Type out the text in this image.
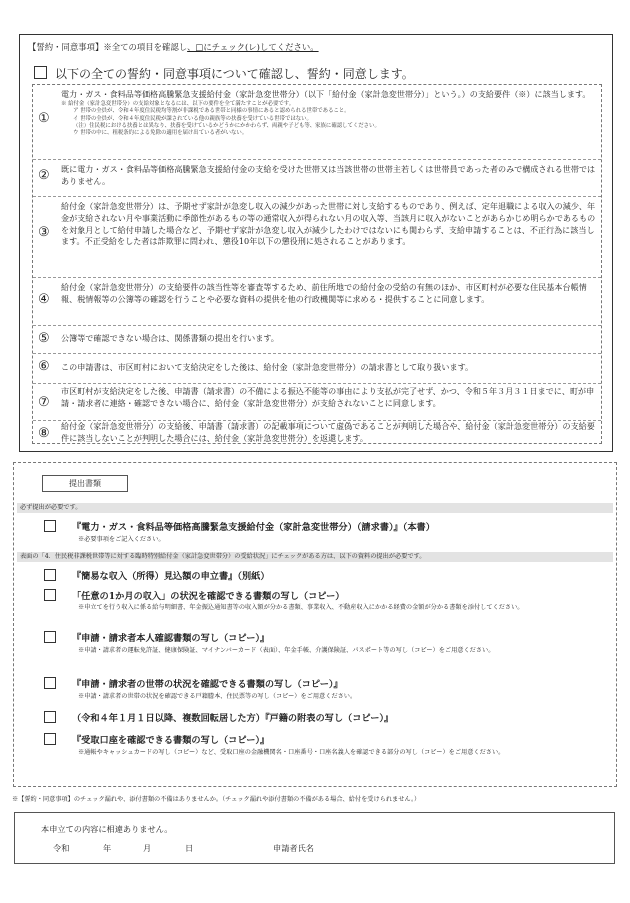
【誓約・同意事項】※全ての項目を確認し、□にチェック(レ)してください。
以下の全ての誓約・同意事項について確認し、誓約・同意します。
①

電力・ガス・食料品等価格高騰緊急支援給付金（家計急変世帯分）（以下「給付金（家計急変世帯分）」という。）の支給要件（※）に該当します。

※ 給付金（家計急変世帯分）の支給対象となるには、以下の要件を全て満たすことが必要です。
ア 世帯の全員が、令和４年度住民税均等割が非課税である世帯と同様の事情にあると認められる世帯であること。
イ 世帯の全員が、令和４年度住民税が課されている他の親族等の扶養を受けている世帯ではない。
（注）住民税における扶養とは異なり、扶養を受けているかどうかにかかわらず、両親や子ども等、家族に確認してください。
ウ 世帯の中に、租税条約による免除の適用を届け出ている者がいない。
② 既に電力・ガス・食料品等価格高騰緊急支援給付金の支給を受けた世帯又は当該世帯の世帯主若しくは世帯員であった者のみで構成される世帯ではありません。

③

給付金（家計急変世帯分）は、予期せず家計が急変し収入の減少があった世帯に対し支給するものであり、例えば、定年退職による収入の減少、年金が支給されない月や事業活動に季節性があるもの等の通常収入が得られない月の収入等、当該月に収入がないことがあらかじめ明らかであるものを対象月として給付申請した場合など、予期せず家計が急変し収入が減少したわけではないにも関わらず、支給申請することは、不正行為に該当します。不正受給をした者は詐欺罪に問われ、懲役10年以下の懲役刑に処されることがあります。

④

給付金（家計急変世帯分）の支給要件の該当性等を審査等するため、前住所地での給付金の受給の有無のほか、市区町村が必要な住民基本台帳情報、税情報等の公簿等の確認を行うことや必要な資料の提供を他の行政機関等に求める・提供することに同意します。

⑤ 公簿等で確認できない場合は、関係書類の提出を行います。

⑥ この申請書は、市区町村において支給決定をした後は、給付金（家計急変世帯分）の請求書として取り扱います。

⑦

市区町村が支給決定をした後、申請書（請求書）の不備による振込不能等の事由により支払が完了せず、かつ、令和５年３月３１日までに、町が申請・請求者に連絡・確認できない場合に、給付金（家計急変世帯分）が支給されないことに同意します。

⑧ 給付金（家計急変世帯分）の支給後、申請書（請求書）の記載事項について虚偽であることが判明した場合や、給付金（家計急変世帯分）の支給要件に該当しないことが判明した場合には、給付金（家計急変世帯分）を返還します。

提出書類
必ず提出が必要です。
『電力・ガス・食料品等価格高騰緊急支援給付金（家計急変世帯分）（請求書）』（本書）
※必要事項をご記入ください。
表面の「4．住民税非課税世帯等に対する臨時特別給付金（家計急変世帯分）の受給状況」にチェックがある方は、以下の資料の提出が必要です。
『簡易な収入（所得）見込額の申立書』（別紙）
「任意の1か月の収入」の状況を確認できる書類の写し（コピー）
※申立てを行う収入に係る給与明細書、年金振込通知書等の収入額が分かる書類、事業収入、不動産収入にかかる経費の金額が分かる書類を添付してください。
『申請・請求者本人確認書類の写し（コピー）』
※申請・請求者の運転免許証、健康保険証、マイナンバーカード（表面）、年金手帳、介護保険証、パスポート等の写し（コピー）をご用意ください。
『申請・請求者の世帯の状況を確認できる書類の写し（コピー）』
※申請・請求者の世帯の状況を確認できる戸籍謄本、住民票等の写し（コピー）をご用意ください。
（令和４年１月１日以降、複数回転居した方）『戸籍の附表の写し（コピー）』
『受取口座を確認できる書類の写し（コピー）』
※通帳やキャッシュカードの写し（コピー）など、受取口座の金融機関名・口座番号・口座名義人を確認できる部分の写し（コピー）をご用意ください。
※【誓約・同意事項】のチェック漏れや、添付書類の不備はありませんか。（チェック漏れや添付書類の不備がある場合、給付を受けられません。）
本申立ての内容に相違ありません。
令和	年	月	日	申請者氏名
